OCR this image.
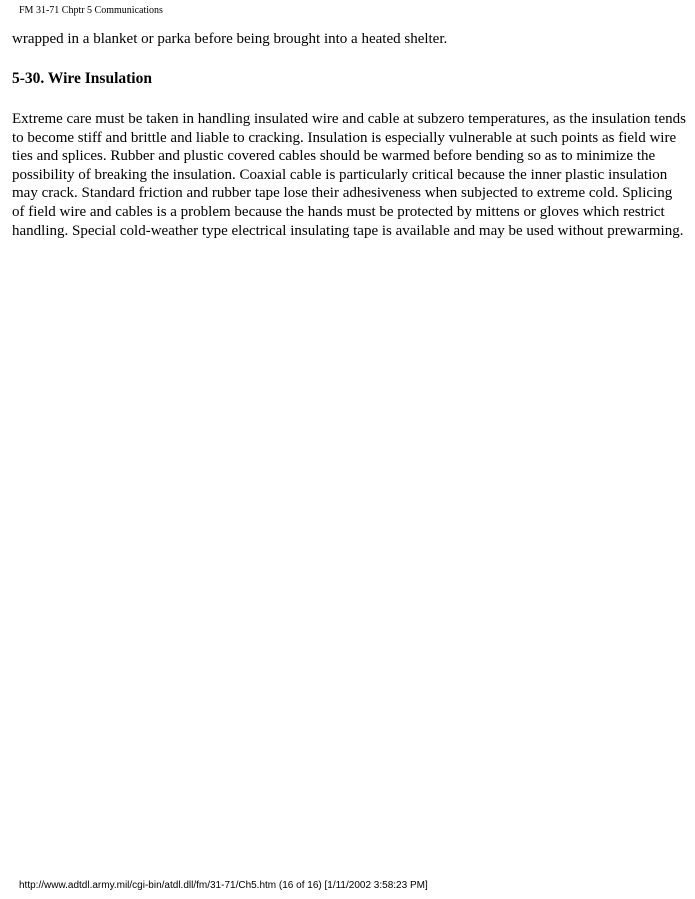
FM 31-71 Chptr 5 Communications
wrapped in a blanket or parka before being brought into a heated shelter.
5-30. Wire Insulation

Extreme care must be taken in handling insulated wire and cable at subzero temperatures, as the insulation tends to become stiff and brittle and liable to cracking. Insulation is especially vulnerable at such points as field wire ties and splices. Rubber and plustic covered cables should be warmed before bending so as to minimize the possibility of breaking the insulation. Coaxial cable is particularly critical because the inner plastic insulation may crack. Standard friction and rubber tape lose their adhesiveness when subjected to extreme cold. Splicing of field wire and cables is a problem because the hands must be protected by mittens or gloves which restrict handling. Special cold-weather type electrical insulating tape is available and may be used without prewarming.

http://www.adtdl.army.mil/cgi-bin/atdl.dll/fm/31-71/Ch5.htm (16 of 16) [1/11/2002 3:58:23 PM]
